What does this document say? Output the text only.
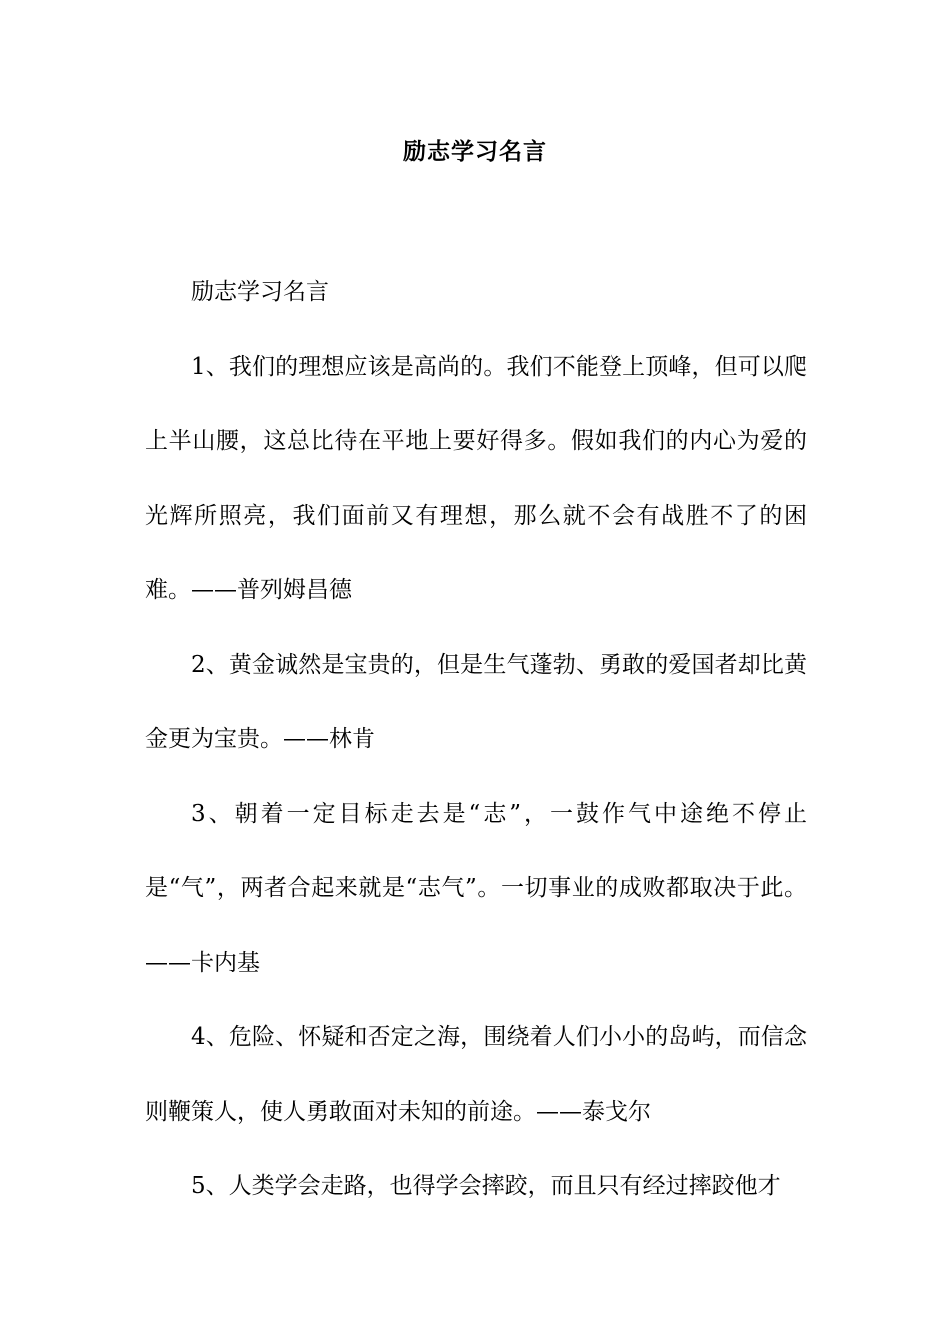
励志学习名言

励志学习名言

1、我们的理想应该是高尚的。我们不能登上顶峰，但可以爬上半山腰，这总比待在平地上要好得多。假如我们的内心为爱的光辉所照亮，我们面前又有理想，那么就不会有战胜不了的困难。——普列姆昌德

2、黄金诚然是宝贵的，但是生气蓬勃、勇敢的爱国者却比黄金更为宝贵。——林肯

3、朝着一定目标走去是“志”，一鼓作气中途绝不停止是“气”，两者合起来就是“志气”。一切事业的成败都取决于此。——卡内基

4、危险、怀疑和否定之海，围绕着人们小小的岛屿，而信念则鞭策人，使人勇敢面对未知的前途。——泰戈尔

5、人类学会走路，也得学会摔跤，而且只有经过摔跤他才
